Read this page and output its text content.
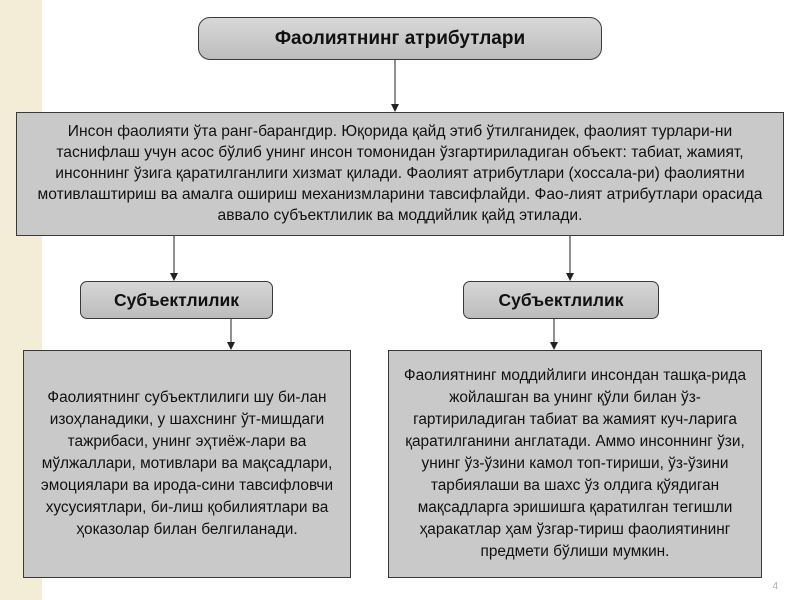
Фаолиятнинг атрибутлари
Инсон фаолияти ўта ранг-барангдир. Юқорида қайд этиб ўтилганидек, фаолият турлари-ни таснифлаш учун асос бўлиб унинг инсон томонидан ўзгартириладиган объект: табиат, жамият, инсоннинг ўзига қаратилганлиги хизмат қилади. Фаолият атрибутлари (хоссала-ри) фаолиятни мотивлаштириш ва амалга ошириш механизмларини тавсифлайди. Фао-лият атрибутлари орасида аввало субъектлилик ва моддийлик қайд этилади.
Субъектлилик	Субъектлилик
Фаолиятнинг субъектлилиги шу би-лан изоҳланадики, у шахснинг ўт-мишдаги тажрибаси, унинг эҳтиёж-лари ва мўлжаллари, мотивлари ва мақсадлари, эмоциялари ва ирода-сини тавсифловчи хусусиятлари, би-лиш қобилиятлари ва ҳоказолар билан белгиланади.
Фаолиятнинг моддийлиги инсондан ташқа-рида жойлашган ва унинг қўли билан ўз-гартириладиган табиат ва жамият куч-ларига қаратилганини англатади. Аммо инсоннинг ўзи, унинг ўз-ўзини камол топ-тириши, ўз-ўзини тарбиялаши ва шахс ўз олдига қўядиган мақсадларга эришишга қаратилган тегишли ҳаракатлар ҳам ўзгар-тириш фаолиятининг предмети бўлиши мумкин.
4
